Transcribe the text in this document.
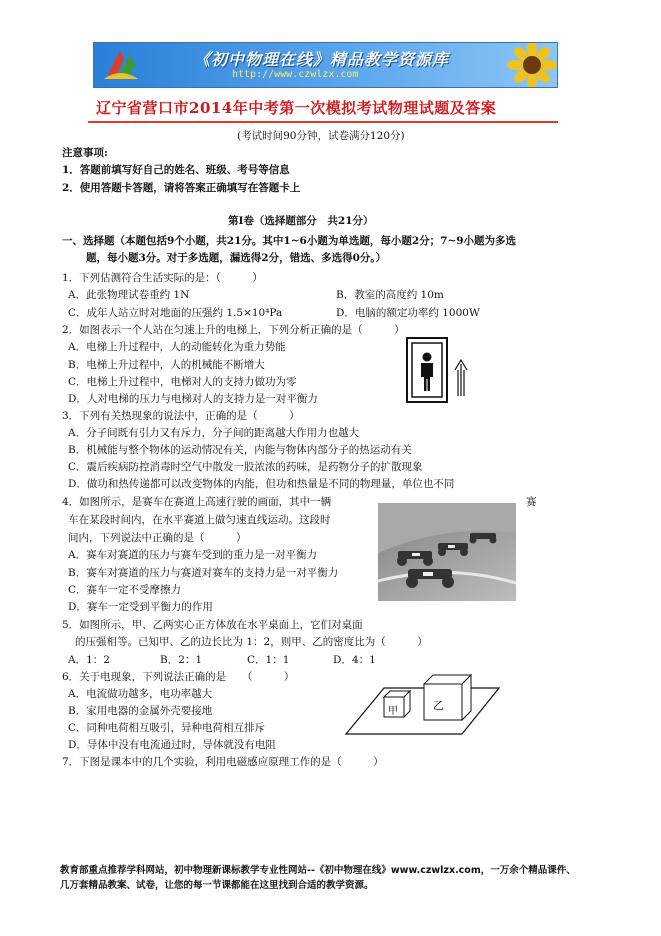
《初中物理在线》精品教学资源库
http://www.czwlzx.com
辽宁省营口市2014年中考第一次模拟考试物理试题及答案
(考试时间90分钟，试卷满分120分)
注意事项:
1．答题前填写好自己的姓名、班级、考号等信息
2．使用答题卡答题，请将答案正确填写在答题卡上
第Ⅰ卷（选择题部分　共21分）
一、选择题（本题包括9个小题，共21分。其中1~6小题为单选题，每小题2分；7~9小题为多选
题，每小题3分。对于多选题，漏选得2分，错选、多选得0分。）
1．下列估测符合生活实际的是：（　　　）
A．此张物理试卷重约 1N	B．教室的高度约 10m
C．成年人站立时对地面的压强约 1.5×10⁴Pa	D．电脑的额定功率约 1000W
2．如图表示一个人站在匀速上升的电梯上，下列分析正确的是（　　　）
A．电梯上升过程中，人的动能转化为重力势能
B．电梯上升过程中，人的机械能不断增大
C．电梯上升过程中，电梯对人的支持力做功为零
D．人对电梯的压力与电梯对人的支持力是一对平衡力
3．下列有关热现象的说法中，正确的是（　　　）
A．分子间既有引力又有斥力，分子间的距离越大作用力也越大
B．机械能与整个物体的运动情况有关，内能与物体内部分子的热运动有关
C．震后疾病防控消毒时空气中散发一股浓浓的药味，是药物分子的扩散现象
D．做功和热传递都可以改变物体的内能，但功和热量是不同的物理量，单位也不同
4．如图所示，是赛车在赛道上高速行驶的画面，其中一辆	赛
车在某段时间内，在水平赛道上做匀速直线运动。这段时
间内，下列说法中正确的是（　　　）
A．赛车对赛道的压力与赛车受到的重力是一对平衡力
B．赛车对赛道的压力与赛道对赛车的支持力是一对平衡力
C．赛车一定不受摩擦力
D．赛车一定受到平衡力的作用
5．如图所示，甲、乙两实心正方体放在水平桌面上，它们对桌面
的压强相等。已知甲、乙的边长比为 1：2，则甲、乙的密度比为（　　　）
A．1：2	B．2：1	C．1：1	D．4：1
6．关于电现象，下列说法正确的是　　（　　　）
A．电流做功越多，电功率越大
B．家用电器的金属外壳要接地
C．同种电荷相互吸引，异种电荷相互排斥
D．导体中没有电流通过时，导体就没有电阻
甲	乙
7．下图是课本中的几个实验，利用电磁感应原理工作的是（　　　）
教育部重点推荐学科网站，初中物理新课标教学专业性网站--《初中物理在线》www.czwlzx.com，一万余个精品课件、
几万套精品教案、试卷，让您的每一节课都能在这里找到合适的教学资源。
